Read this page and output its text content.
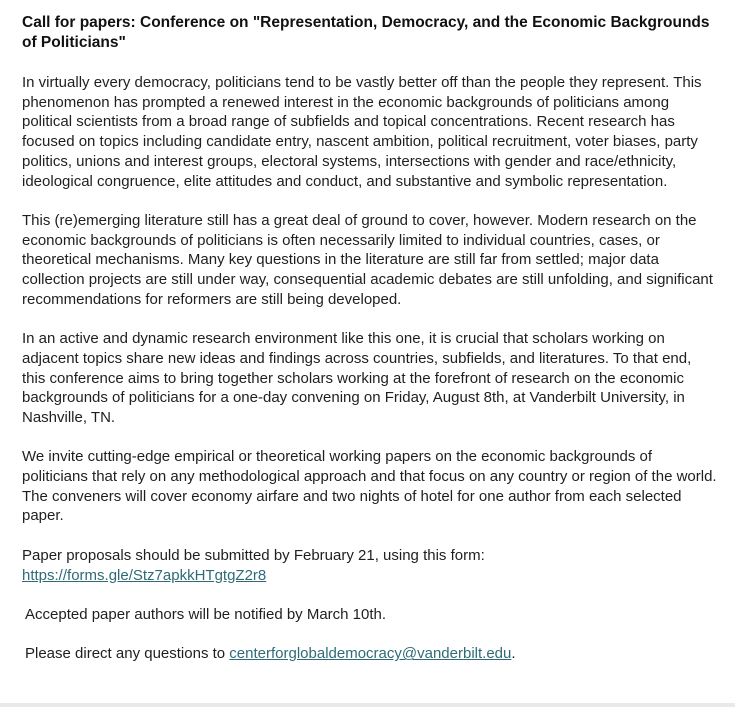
Call for papers: Conference on "Representation, Democracy, and the Economic Backgrounds of Politicians"

In virtually every democracy, politicians tend to be vastly better off than the people they represent. This phenomenon has prompted a renewed interest in the economic backgrounds of politicians among political scientists from a broad range of subfields and topical concentrations. Recent research has focused on topics including candidate entry, nascent ambition, political recruitment, voter biases, party politics, unions and interest groups, electoral systems, intersections with gender and race/ethnicity, ideological congruence, elite attitudes and conduct, and substantive and symbolic representation.

This (re)emerging literature still has a great deal of ground to cover, however. Modern research on the economic backgrounds of politicians is often necessarily limited to individual countries, cases, or theoretical mechanisms. Many key questions in the literature are still far from settled; major data collection projects are still under way, consequential academic debates are still unfolding, and significant recommendations for reformers are still being developed.

In an active and dynamic research environment like this one, it is crucial that scholars working on adjacent topics share new ideas and findings across countries, subfields, and literatures. To that end, this conference aims to bring together scholars working at the forefront of research on the economic backgrounds of politicians for a one-day convening on Friday, August 8th, at Vanderbilt University, in Nashville, TN.

We invite cutting-edge empirical or theoretical working papers on the economic backgrounds of politicians that rely on any methodological approach and that focus on any country or region of the world. The conveners will cover economy airfare and two nights of hotel for one author from each selected paper.

Paper proposals should be submitted by February 21, using this form:
https://forms.gle/Stz7apkkHTgtgZ2r8

Accepted paper authors will be notified by March 10th.

Please direct any questions to centerforglobaldemocracy@vanderbilt.edu.
